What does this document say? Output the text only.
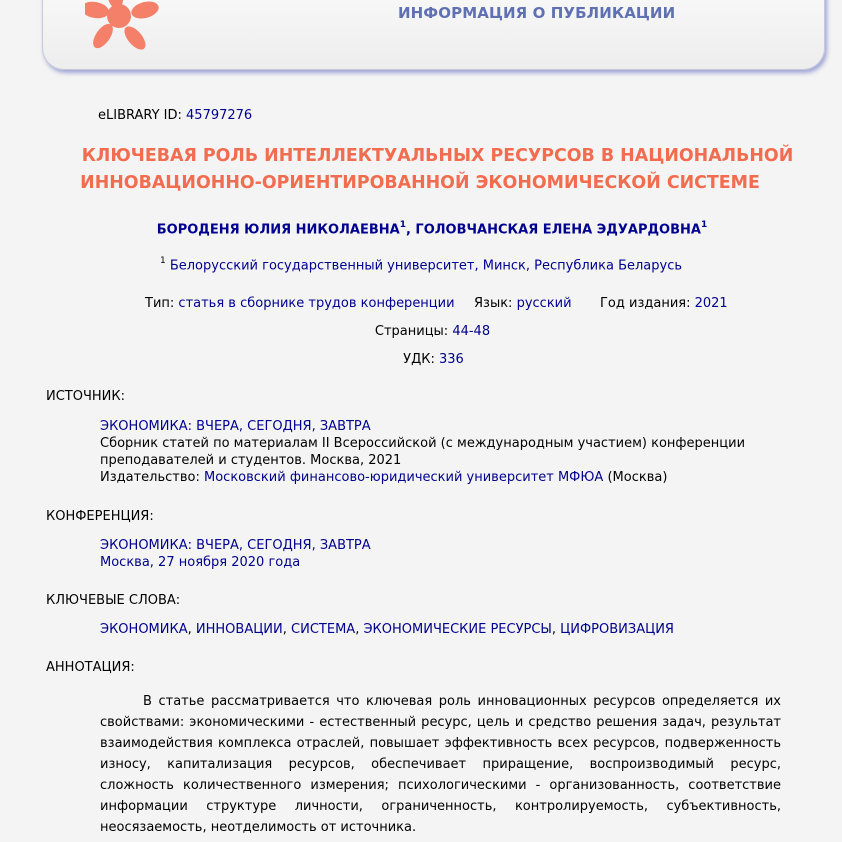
ИНФОРМАЦИЯ О ПУБЛИКАЦИИ
eLIBRARY ID: 45797276
КЛЮЧЕВАЯ РОЛЬ ИНТЕЛЛЕКТУАЛЬНЫХ РЕСУРСОВ В НАЦИОНАЛЬНОЙ
ИННОВАЦИОННО-ОРИЕНТИРОВАННОЙ ЭКОНОМИЧЕСКОЙ СИСТЕМЕ
БОРОДЕНЯ ЮЛИЯ НИКОЛАЕВНА$^1$, ГОЛОВЧАНСКАЯ ЕЛЕНА ЭДУАРДОВНА$^1$
$^1$ Белорусский государственный университет, Минск, Республика Беларусь
Тип: статья в сборнике трудов конференции Язык: русский Год издания: 2021
Страницы: 44-48
УДК: 336
ИСТОЧНИК:
ЭКОНОМИКА: ВЧЕРА, СЕГОДНЯ, ЗАВТРА
Сборник статей по материалам II Всероссийской (с международным участием) конференции
преподавателей и студентов. Москва, 2021
Издательство: Московский финансово-юридический университет МФЮА (Москва)
КОНФЕРЕНЦИЯ:
ЭКОНОМИКА: ВЧЕРА, СЕГОДНЯ, ЗАВТРА
Москва, 27 ноября 2020 года
КЛЮЧЕВЫЕ СЛОВА:
ЭКОНОМИКА, ИННОВАЦИИ, СИСТЕМА, ЭКОНОМИЧЕСКИЕ РЕСУРСЫ, ЦИФРОВИЗАЦИЯ
АННОТАЦИЯ:
В статье рассматривается что ключевая роль инновационных ресурсов определяется их свойствами: экономическими - естественный ресурс, цель и средство решения задач, результат взаимодействия комплекса отраслей, повышает эффективность всех ресурсов, подверженность износу, капитализация ресурсов, обеспечивает приращение, воспроизводимый ресурс, сложность количественного измерения; психологическими - организованность, соответствие информации структуре личности, ограниченность, контролируемость, субъективность, неосязаемость, неотделимость от источника.
